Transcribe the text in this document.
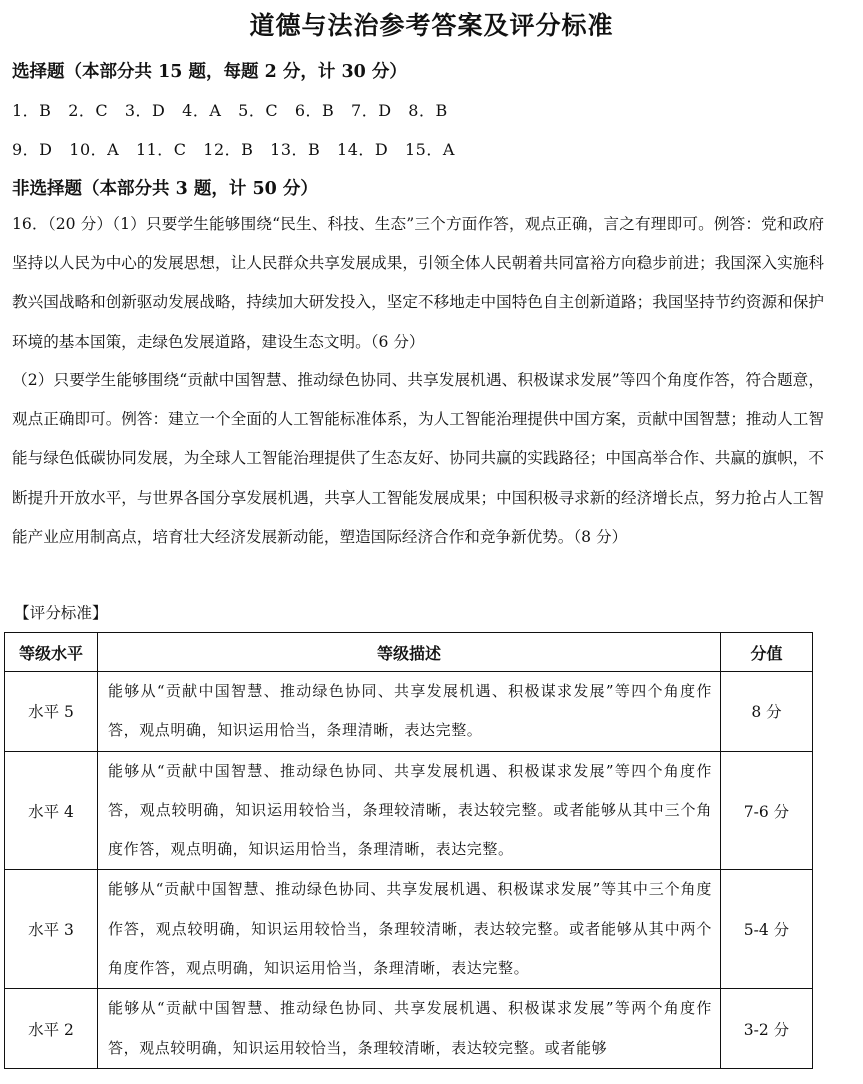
道德与法治参考答案及评分标准
选择题（本部分共 15 题，每题 2 分，计 30 分）
1．B   2．C   3．D   4．A   5．C   6．B   7．D   8．B
9．D   10．A   11．C   12．B   13．B   14．D   15．A
非选择题（本部分共 3 题，计 50 分）
16．（20 分）（1）只要学生能够围绕“民生、科技、生态”三个方面作答，观点正确，言之有理即可。例答：党和政府坚持以人民为中心的发展思想，让人民群众共享发展成果，引领全体人民朝着共同富裕方向稳步前进；我国深入实施科教兴国战略和创新驱动发展战略，持续加大研发投入，坚定不移地走中国特色自主创新道路；我国坚持节约资源和保护环境的基本国策，走绿色发展道路，建设生态文明。（6 分）
（2）只要学生能够围绕“贡献中国智慧、推动绿色协同、共享发展机遇、积极谋求发展”等四个角度作答，符合题意，观点正确即可。例答：建立一个全面的人工智能标准体系，为人工智能治理提供中国方案，贡献中国智慧；推动人工智能与绿色低碳协同发展，为全球人工智能治理提供了生态友好、协同共赢的实践路径；中国高举合作、共赢的旗帜，不断提升开放水平，与世界各国分享发展机遇，共享人工智能发展成果；中国积极寻求新的经济增长点，努力抢占人工智能产业应用制高点，培育壮大经济发展新动能，塑造国际经济合作和竞争新优势。（8 分）
【评分标准】
等级水平	等级描述	分值
水平 5	能够从“贡献中国智慧、推动绿色协同、共享发展机遇、积极谋求发展”等四个角度作答，观点明确，知识运用恰当，条理清晰，表达完整。	8 分
水平 4	能够从“贡献中国智慧、推动绿色协同、共享发展机遇、积极谋求发展”等四个角度作答，观点较明确，知识运用较恰当，条理较清晰，表达较完整。或者能够从其中三个角度作答，观点明确，知识运用恰当，条理清晰，表达完整。	7-6 分
水平 3	能够从“贡献中国智慧、推动绿色协同、共享发展机遇、积极谋求发展”等其中三个角度作答，观点较明确，知识运用较恰当，条理较清晰，表达较完整。或者能够从其中两个角度作答，观点明确，知识运用恰当，条理清晰，表达完整。	5-4 分
水平 2	能够从“贡献中国智慧、推动绿色协同、共享发展机遇、积极谋求发展”等两个角度作答，观点较明确，知识运用较恰当，条理较清晰，表达较完整。或者能够	3-2 分
